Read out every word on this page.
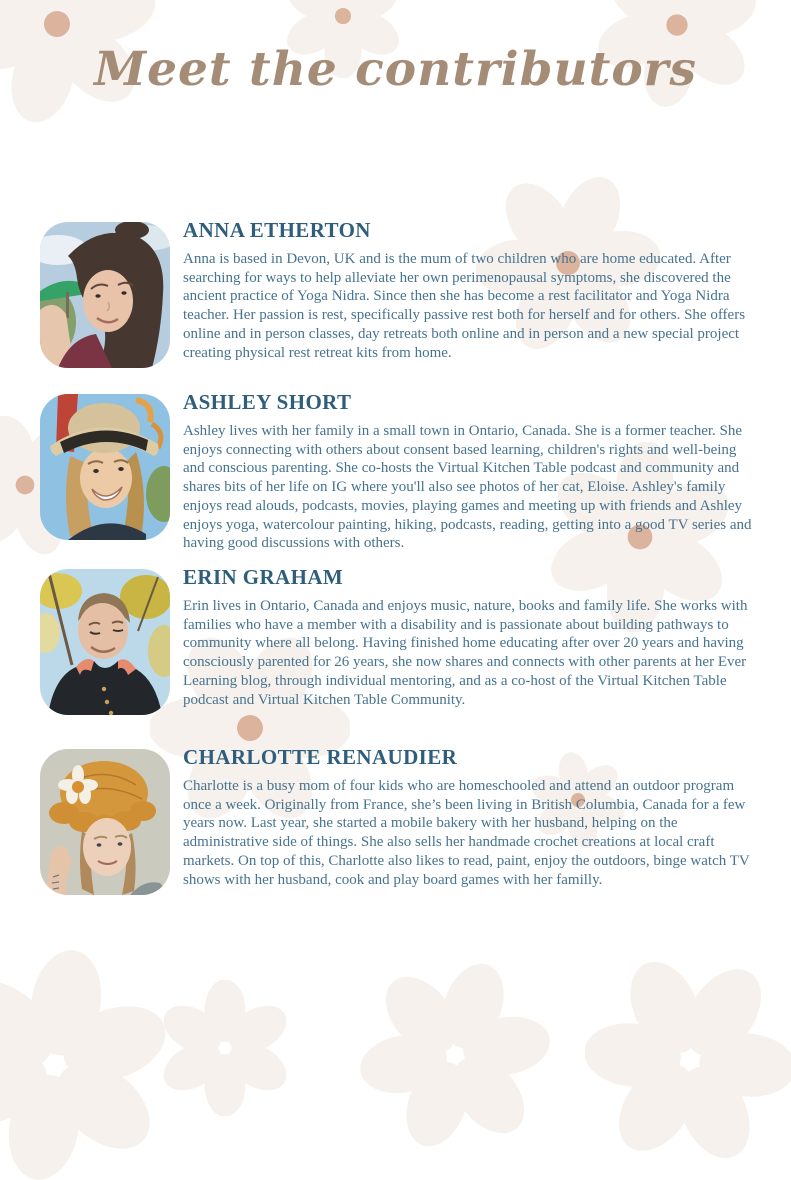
Meet the contributors
ANNA ETHERTON
Anna is based in Devon, UK and is the mum of two children who are home educated. After searching for ways to help alleviate her own perimenopausal symptoms, she discovered the ancient practice of Yoga Nidra. Since then she has become a rest facilitator and Yoga Nidra teacher. Her passion is rest, specifically passive rest both for herself and for others. She offers online and in person classes, day retreats both online and in person and a new special project creating physical rest retreat kits from home.
ASHLEY SHORT
Ashley lives with her family in a small town in Ontario, Canada. She is a former teacher. She enjoys connecting with others about consent based learning, children's rights and well-being and conscious parenting. She co-hosts the Virtual Kitchen Table podcast and community and shares bits of her life on IG where you'll also see photos of her cat, Eloise. Ashley's family enjoys read alouds, podcasts, movies, playing games and meeting up with friends and Ashley enjoys yoga, watercolour painting, hiking, podcasts, reading, getting into a good TV series and having good discussions with others.
ERIN GRAHAM
Erin lives in Ontario, Canada and enjoys music, nature, books and family life. She works with families who have a member with a disability and is passionate about building pathways to community where all belong. Having finished home educating after over 20 years and having consciously parented for 26 years, she now shares and connects with other parents at her Ever Learning blog, through individual mentoring, and as a co-host of the Virtual Kitchen Table podcast and Virtual Kitchen Table Community.
CHARLOTTE RENAUDIER
Charlotte is a busy mom of four kids who are homeschooled and attend an outdoor program once a week. Originally from France, she’s been living in British Columbia, Canada for a few years now. Last year, she started a mobile bakery with her husband, helping on the administrative side of things. She also sells her handmade crochet creations at local craft markets. On top of this, Charlotte also likes to read, paint, enjoy the outdoors, binge watch TV shows with her husband, cook and play board games with her familly.
